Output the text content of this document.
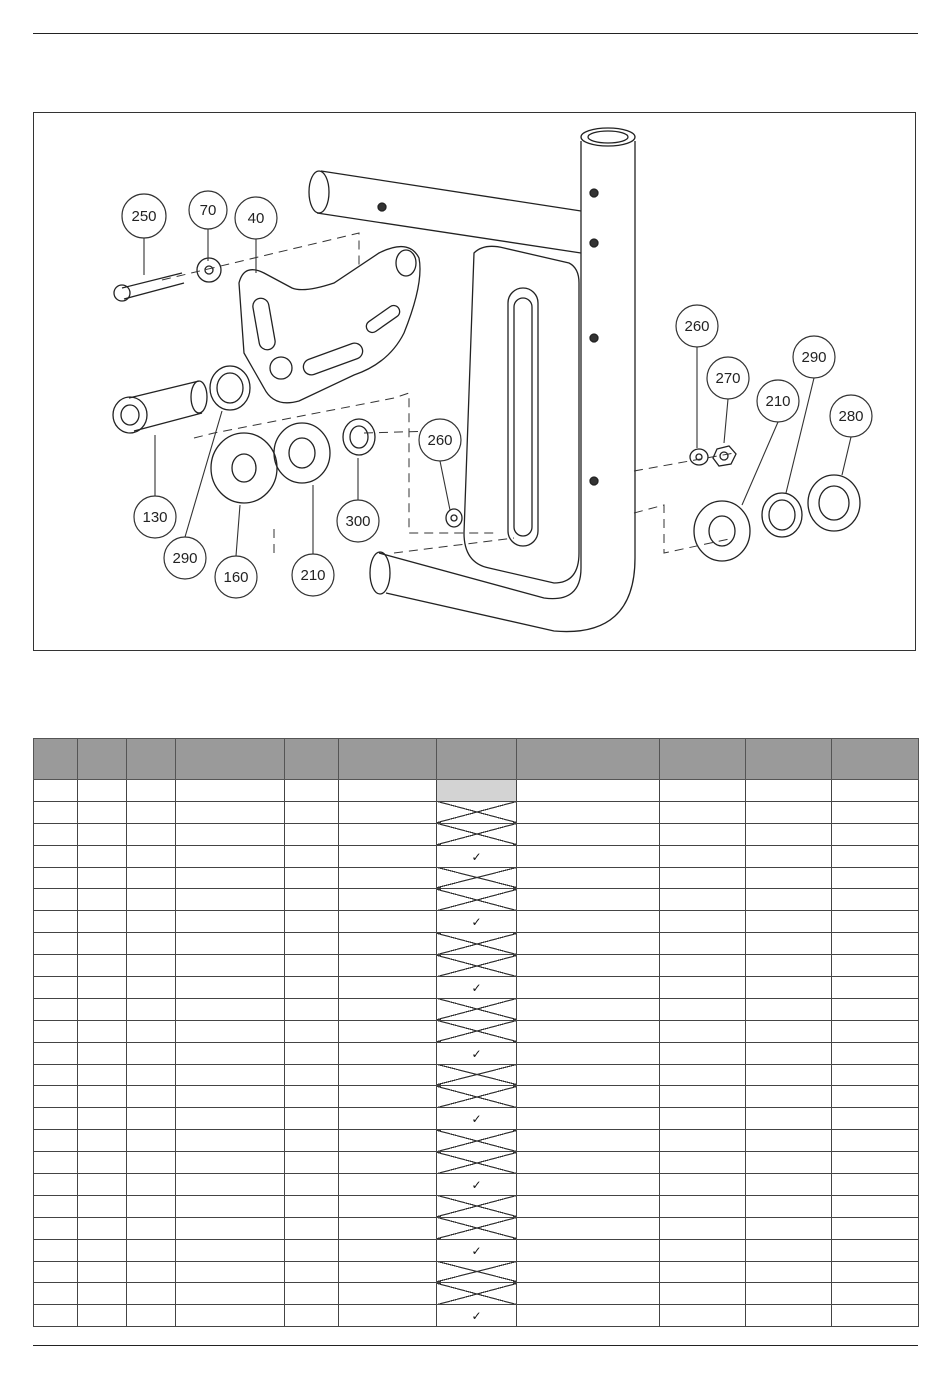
250	70 40
130
290
160	210
300
260
260
270
210
290
280

						✓				

						✓				

						✓				

						✓				

						✓				

						✓				

						✓				

						✓				
